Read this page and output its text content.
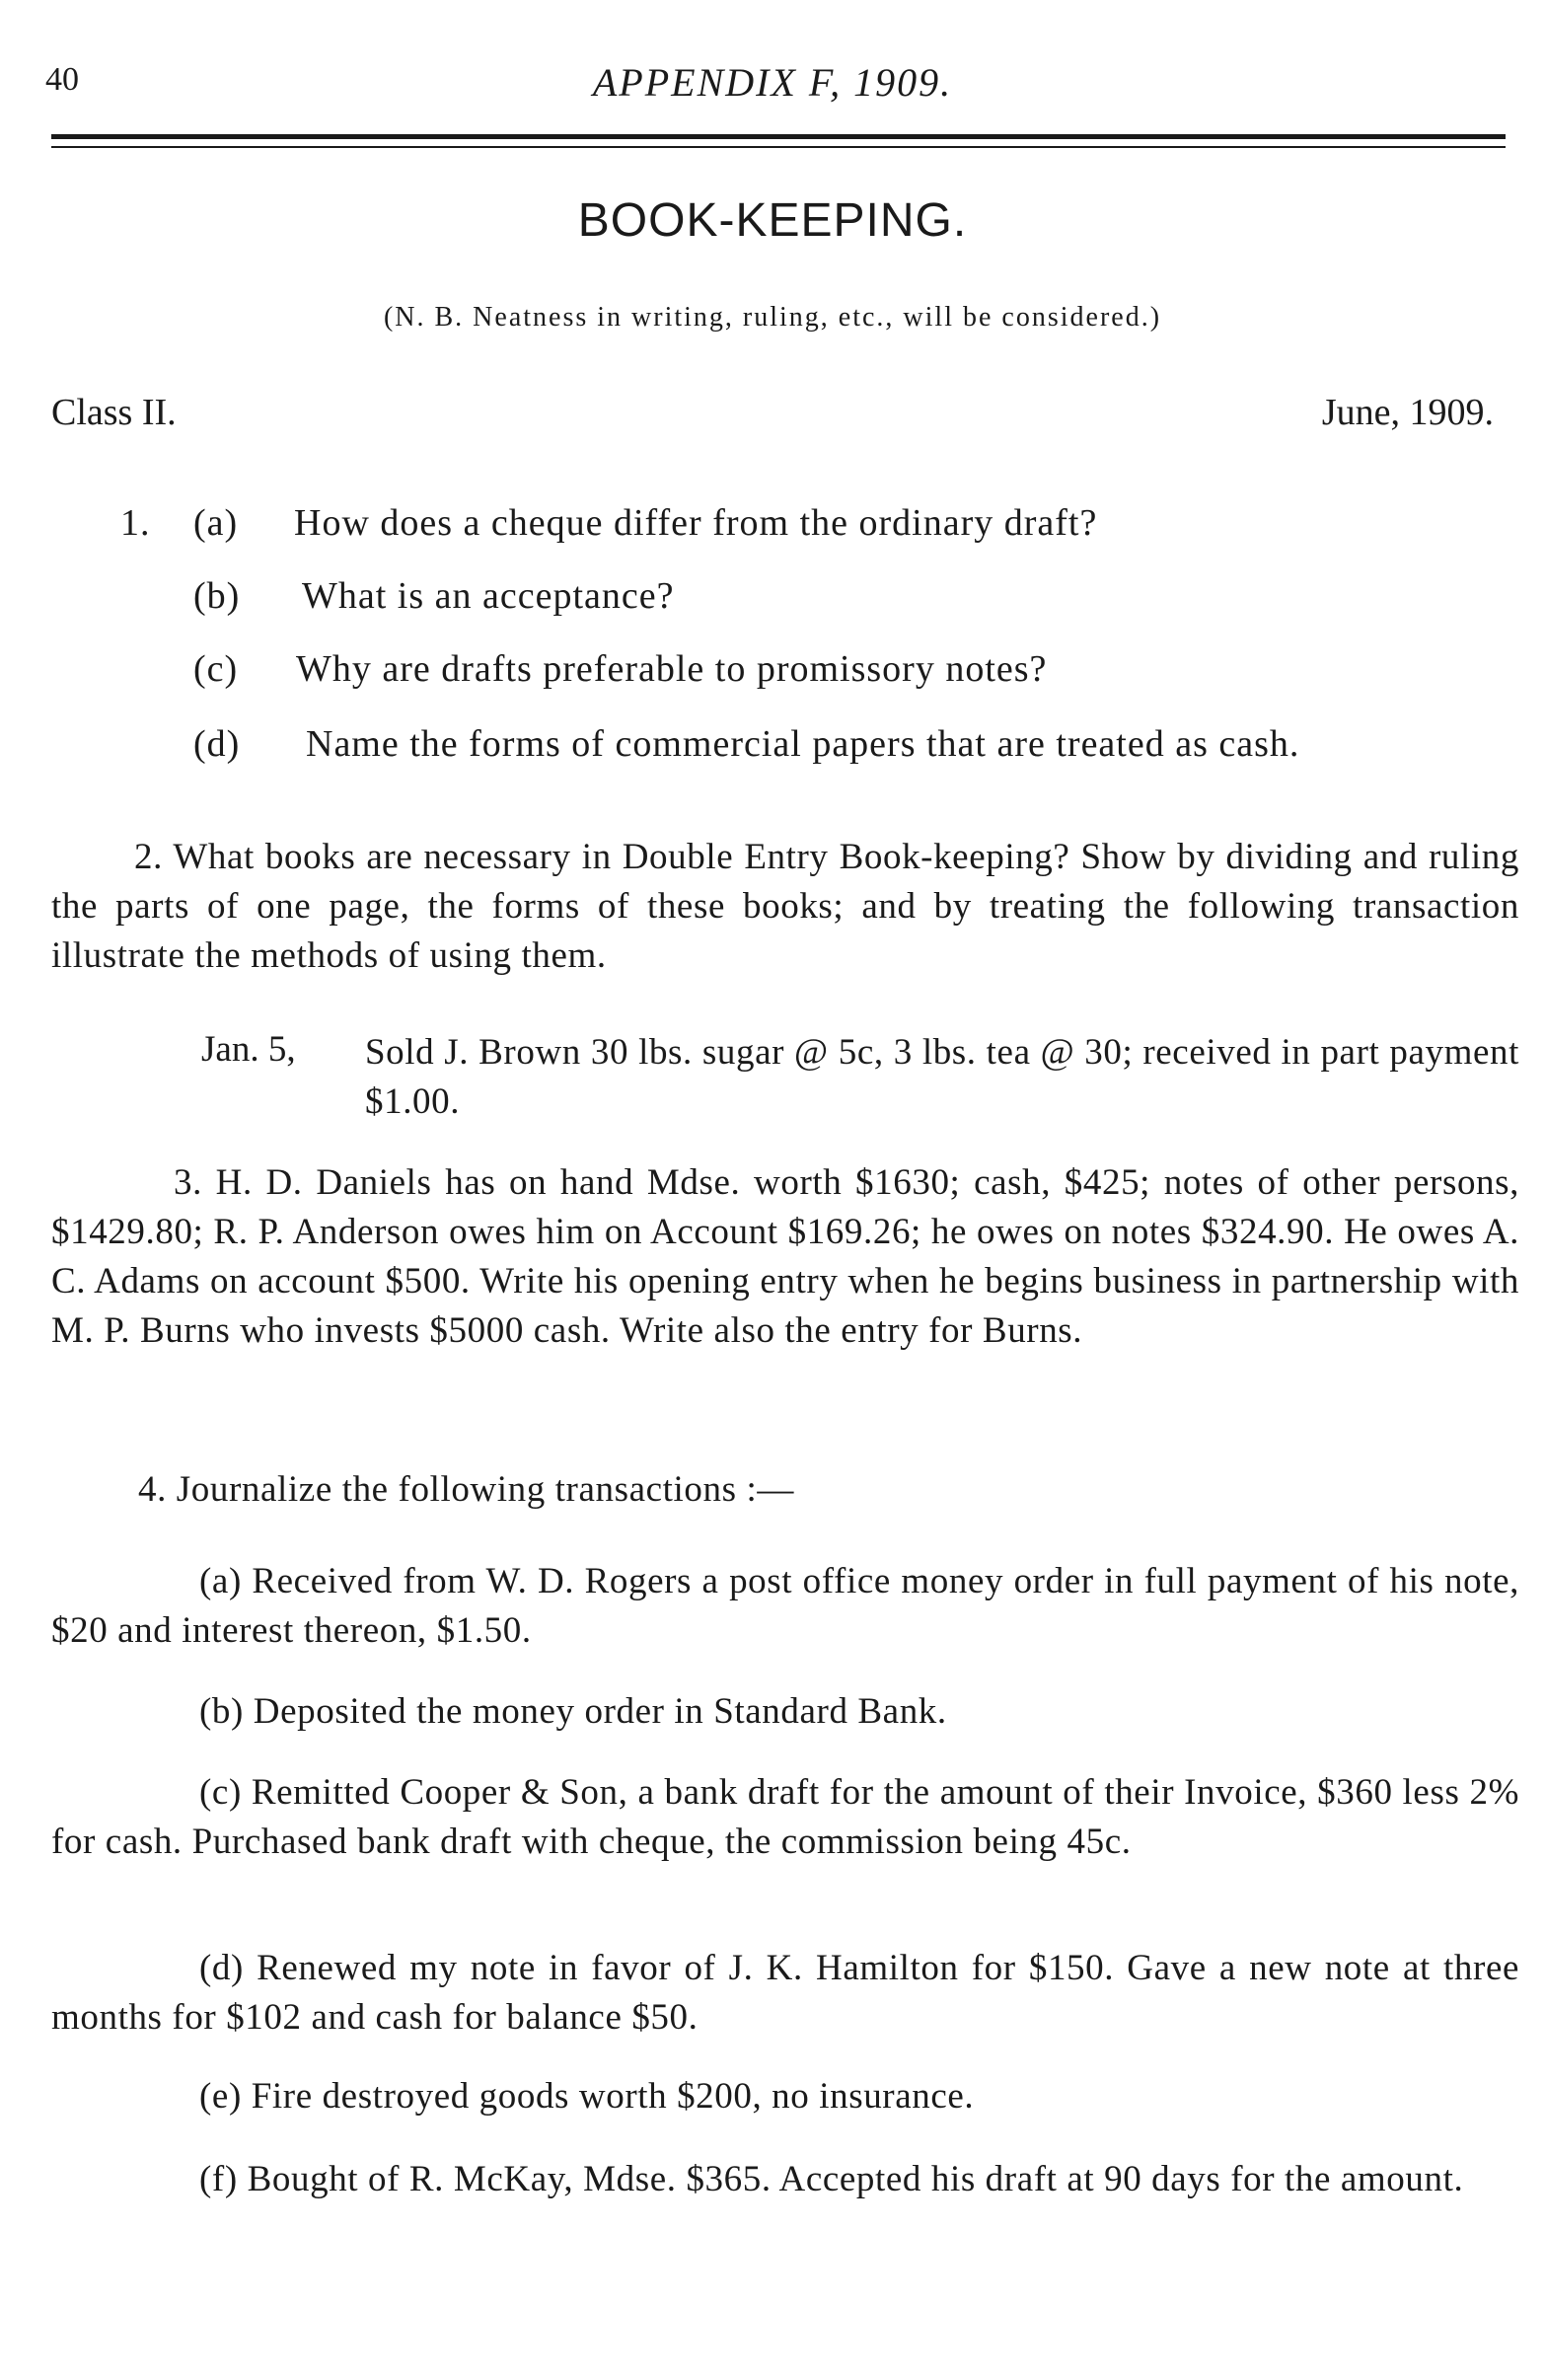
40	APPENDIX F, 1909.
BOOK-KEEPING.
(N. B. Neatness in writing, ruling, etc., will be considered.)
Class II.	June, 1909.
1. (a) How does a cheque differ from the ordinary draft?
(b) What is an acceptance?
(c) Why are drafts preferable to promissory notes?
(d) Name the forms of commercial papers that are treated as cash.
2. What books are necessary in Double Entry Book-keeping? Show by dividing and ruling the parts of one page, the forms of these books; and by treating the following transaction illustrate the methods of using them.
Jan. 5, Sold J. Brown 30 lbs. sugar @ 5c, 3 lbs. tea @ 30; received in part payment $1.00.
3. H. D. Daniels has on hand Mdse. worth $1630; cash, $425; notes of other persons, $1429.80; R. P. Anderson owes him on Account $169.26; he owes on notes $324.90. He owes A. C. Adams on account $500. Write his opening entry when he begins business in partnership with M. P. Burns who invests $5000 cash. Write also the entry for Burns.
4. Journalize the following transactions :—
(a) Received from W. D. Rogers a post office money order in full payment of his note, $20 and interest thereon, $1.50.
(b) Deposited the money order in Standard Bank.
(c) Remitted Cooper & Son, a bank draft for the amount of their Invoice, $360 less 2% for cash. Purchased bank draft with cheque, the commission being 45c.
(d) Renewed my note in favor of J. K. Hamilton for $150. Gave a new note at three months for $102 and cash for balance $50.
(e) Fire destroyed goods worth $200, no insurance.
(f) Bought of R. McKay, Mdse. $365. Accepted his draft at 90 days for the amount.
